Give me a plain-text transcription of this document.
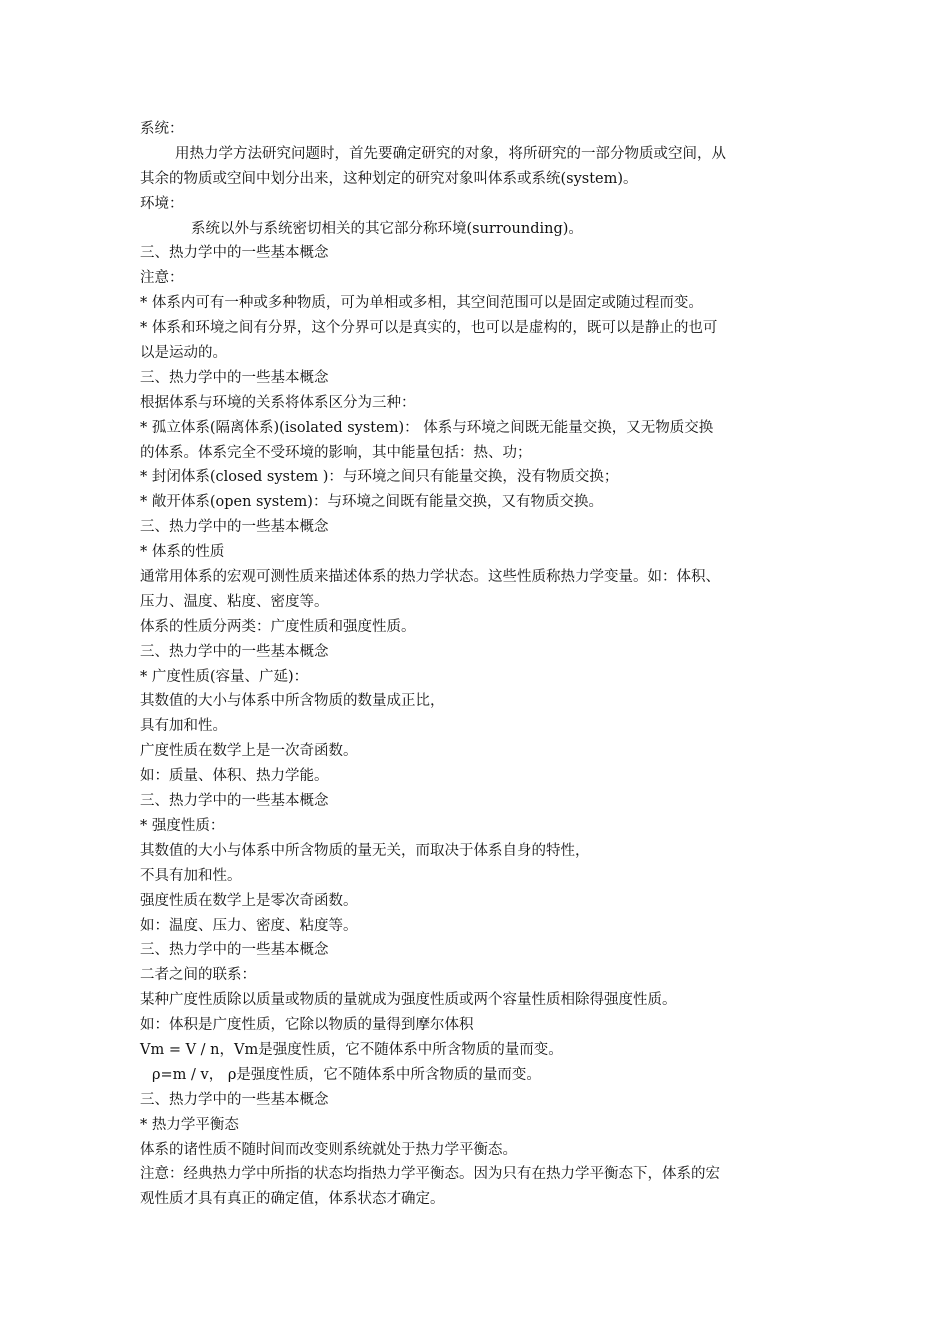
系统：
用热力学方法研究问题时，首先要确定研究的对象，将所研究的一部分物质或空间，从
其余的物质或空间中划分出来，这种划定的研究对象叫体系或系统(system)。
环境：
系统以外与系统密切相关的其它部分称环境(surrounding)。
三、热力学中的一些基本概念
注意：
* 体系内可有一种或多种物质，可为单相或多相，其空间范围可以是固定或随过程而变。
* 体系和环境之间有分界，这个分界可以是真实的，也可以是虚构的，既可以是静止的也可
以是运动的。
三、热力学中的一些基本概念
根据体系与环境的关系将体系区分为三种：
* 孤立体系(隔离体系)(isolated system)： 体系与环境之间既无能量交换，又无物质交换
的体系。体系完全不受环境的影响，其中能量包括：热、功；
* 封闭体系(closed system )：与环境之间只有能量交换，没有物质交换；
* 敞开体系(open system)：与环境之间既有能量交换，又有物质交换。
三、热力学中的一些基本概念
* 体系的性质
通常用体系的宏观可测性质来描述体系的热力学状态。这些性质称热力学变量。如：体积、
压力、温度、粘度、密度等。
体系的性质分两类：广度性质和强度性质。
三、热力学中的一些基本概念
* 广度性质(容量、广延)：
其数值的大小与体系中所含物质的数量成正比，
具有加和性。
广度性质在数学上是一次奇函数。
如：质量、体积、热力学能。
三、热力学中的一些基本概念
* 强度性质：
其数值的大小与体系中所含物质的量无关，而取决于体系自身的特性，
不具有加和性。
强度性质在数学上是零次奇函数。
如：温度、压力、密度、粘度等。
三、热力学中的一些基本概念
二者之间的联系：
某种广度性质除以质量或物质的量就成为强度性质或两个容量性质相除得强度性质。
如：体积是广度性质，它除以物质的量得到摩尔体积
Vm = V / n，Vm是强度性质，它不随体系中所含物质的量而变。
ρ=m / v， ρ是强度性质，它不随体系中所含物质的量而变。
三、热力学中的一些基本概念
* 热力学平衡态
体系的诸性质不随时间而改变则系统就处于热力学平衡态。
注意：经典热力学中所指的状态均指热力学平衡态。因为只有在热力学平衡态下，体系的宏
观性质才具有真正的确定值，体系状态才确定。
